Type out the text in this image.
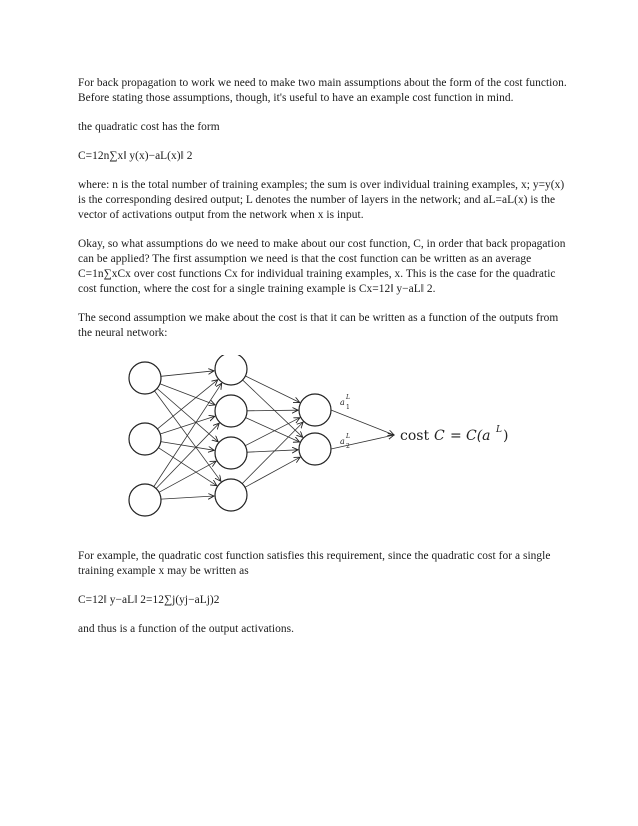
For back propagation to work we need to make two main assumptions about the form of the cost function. Before stating those assumptions, though, it's useful to have an example cost function in mind.

the quadratic cost has the form

C=12n∑x‖ y(x)−aL(x)‖ 2

where: n is the total number of training examples; the sum is over individual training examples, x; y=y(x) is the corresponding desired output; L denotes the number of layers in the network; and aL=aL(x) is the vector of activations output from the network when x is input.

Okay, so what assumptions do we need to make about our cost function, C, in order that back propagation can be applied? The first assumption we need is that the cost function can be written as an average C=1n∑xCx over cost functions Cx for individual training examples, x. This is the case for the quadratic cost function, where the cost for a single training example is Cx=12‖ y−aL‖ 2.

The second assumption we make about the cost is that it can be written as a function of the outputs from the neural network:

a
L
1
a
L
2
cost C = C(a L )

For example, the quadratic cost function satisfies this requirement, since the quadratic cost for a single training example x may be written as

C=12‖ y−aL‖ 2=12∑j(yj−aLj)2

and thus is a function of the output activations.
